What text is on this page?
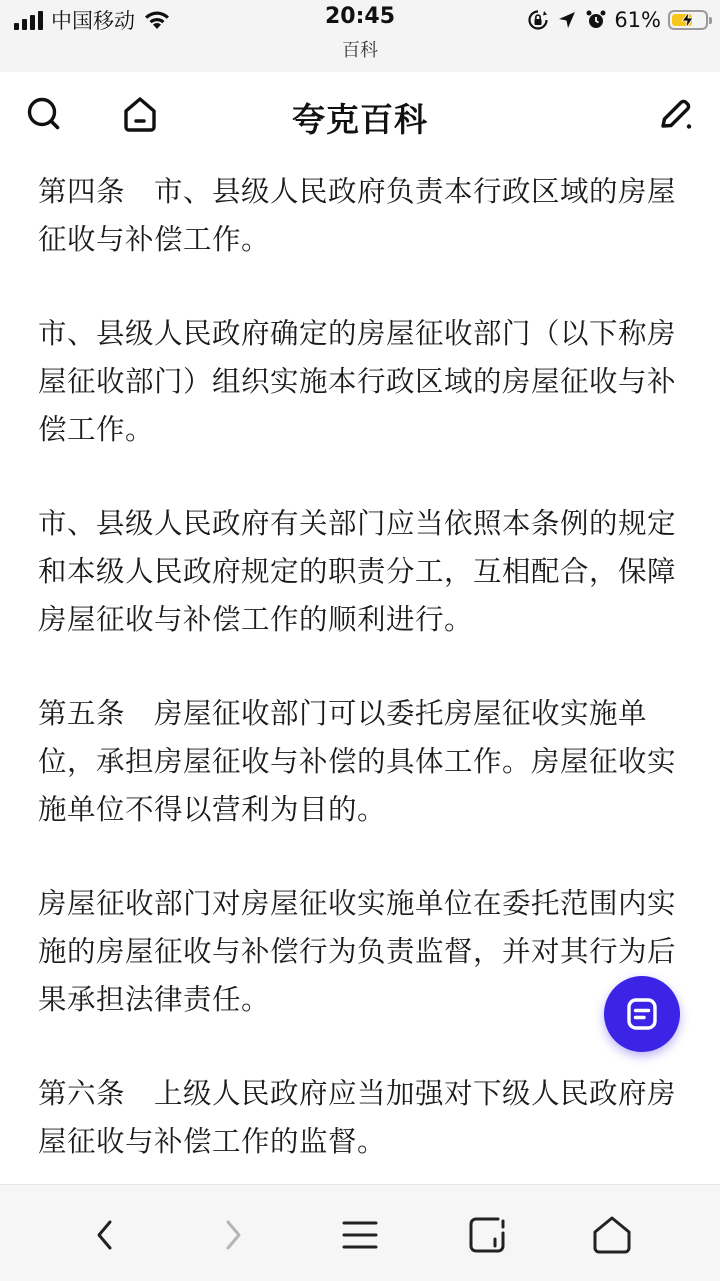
中国移动	20:45
百科
61%
夸克百科

第四条　市、县级人民政府负责本行政区域的房屋征收与补偿工作。

市、县级人民政府确定的房屋征收部门（以下称房屋征收部门）组织实施本行政区域的房屋征收与补偿工作。

市、县级人民政府有关部门应当依照本条例的规定和本级人民政府规定的职责分工，互相配合，保障房屋征收与补偿工作的顺利进行。

第五条　房屋征收部门可以委托房屋征收实施单位，承担房屋征收与补偿的具体工作。房屋征收实施单位不得以营利为目的。

房屋征收部门对房屋征收实施单位在委托范围内实施的房屋征收与补偿行为负责监督，并对其行为后果承担法律责任。

第六条　上级人民政府应当加强对下级人民政府房屋征收与补偿工作的监督。
